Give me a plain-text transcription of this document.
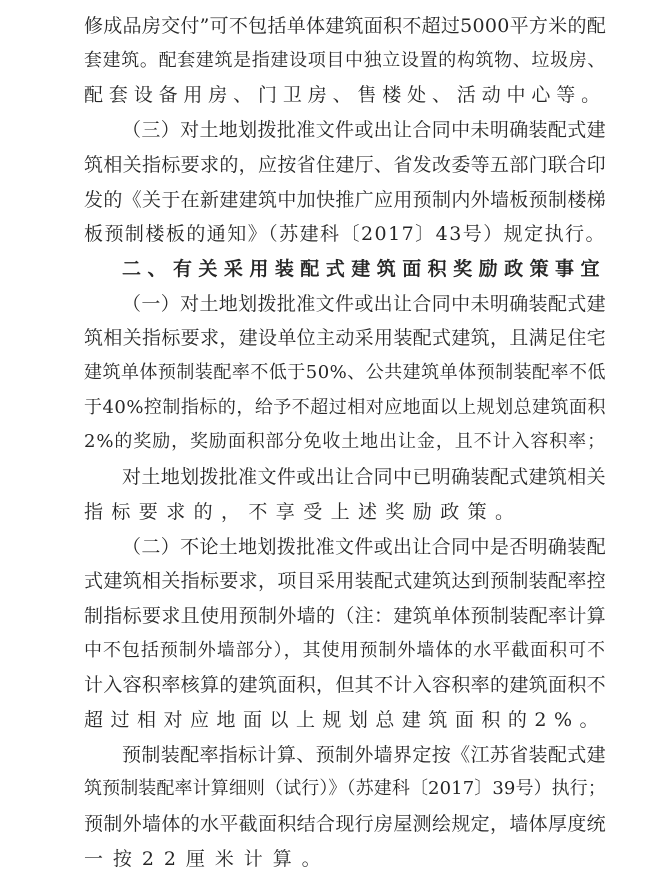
修成品房交付”可不包括单体建筑面积不超过5000平方米的配
套建筑。配套建筑是指建设项目中独立设置的构筑物、垃圾房、
配套设备用房、门卫房、售楼处、活动中心等。
（三）对土地划拨批准文件或出让合同中未明确装配式建
筑相关指标要求的，应按省住建厅、省发改委等五部门联合印
发的《关于在新建建筑中加快推广应用预制内外墙板预制楼梯
板预制楼板的通知》（苏建科〔2017〕43号）规定执行。
二、有关采用装配式建筑面积奖励政策事宜
（一）对土地划拨批准文件或出让合同中未明确装配式建
筑相关指标要求，建设单位主动采用装配式建筑，且满足住宅
建筑单体预制装配率不低于50%、公共建筑单体预制装配率不低
于40%控制指标的，给予不超过相对应地面以上规划总建筑面积
2%的奖励，奖励面积部分免收土地出让金，且不计入容积率；
对土地划拨批准文件或出让合同中已明确装配式建筑相关
指标要求的，不享受上述奖励政策。
（二）不论土地划拨批准文件或出让合同中是否明确装配
式建筑相关指标要求，项目采用装配式建筑达到预制装配率控
制指标要求且使用预制外墙的（注：建筑单体预制装配率计算
中不包括预制外墙部分），其使用预制外墙体的水平截面积可不
计入容积率核算的建筑面积，但其不计入容积率的建筑面积不
超过相对应地面以上规划总建筑面积的2%。
预制装配率指标计算、预制外墙界定按《江苏省装配式建
筑预制装配率计算细则（试行）》（苏建科〔2017〕39号）执行；
预制外墙体的水平截面积结合现行房屋测绘规定，墙体厚度统
一按22厘米计算。
